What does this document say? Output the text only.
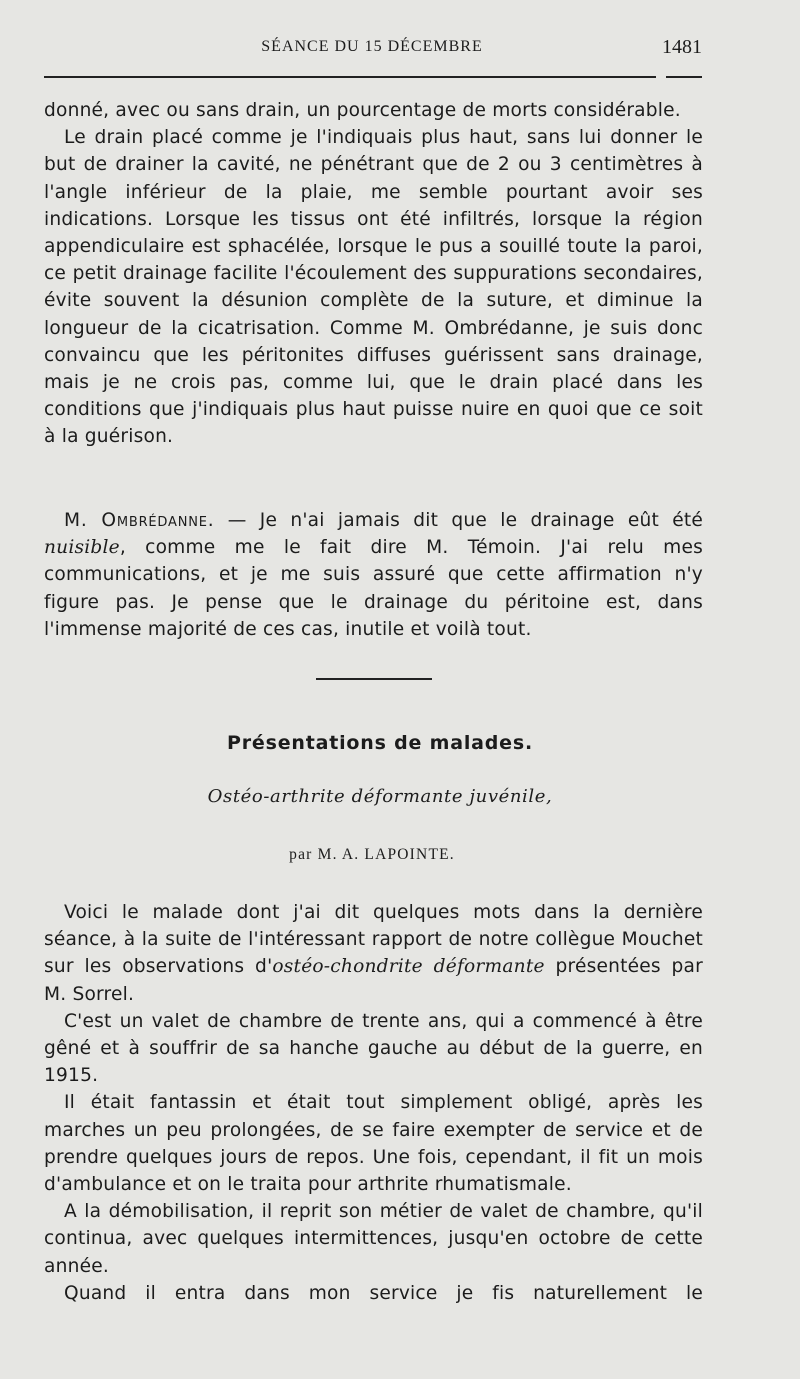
SÉANCE DU 15 DÉCEMBRE	1481

donné, avec ou sans drain, un pourcentage de morts considérable.

Le drain placé comme je l'indiquais plus haut, sans lui donner le but de drainer la cavité, ne pénétrant que de 2 ou 3 centimètres à l'angle inférieur de la plaie, me semble pourtant avoir ses indications. Lorsque les tissus ont été infiltrés, lorsque la région appendiculaire est sphacélée, lorsque le pus a souillé toute la paroi, ce petit drainage facilite l'écoulement des suppurations secondaires, évite souvent la désunion complète de la suture, et diminue la longueur de la cicatrisation. Comme M. Ombrédanne, je suis donc convaincu que les péritonites diffuses guérissent sans drainage, mais je ne crois pas, comme lui, que le drain placé dans les conditions que j'indiquais plus haut puisse nuire en quoi que ce soit à la guérison.

M. Ombrédanne. — Je n'ai jamais dit que le drainage eût été nuisible, comme me le fait dire M. Témoin. J'ai relu mes communications, et je me suis assuré que cette affirmation n'y figure pas. Je pense que le drainage du péritoine est, dans l'immense majorité de ces cas, inutile et voilà tout.

Présentations de malades.
Ostéo-arthrite déformante juvénile,
par M. A. LAPOINTE.

Voici le malade dont j'ai dit quelques mots dans la dernière séance, à la suite de l'intéressant rapport de notre collègue Mouchet sur les observations d'ostéo-chondrite déformante présentées par M. Sorrel.

C'est un valet de chambre de trente ans, qui a commencé à être gêné et à souffrir de sa hanche gauche au début de la guerre, en 1915.

Il était fantassin et était tout simplement obligé, après les marches un peu prolongées, de se faire exempter de service et de prendre quelques jours de repos. Une fois, cependant, il fit un mois d'ambulance et on le traita pour arthrite rhumatismale.

A la démobilisation, il reprit son métier de valet de chambre, qu'il continua, avec quelques intermittences, jusqu'en octobre de cette année.

Quand il entra dans mon service je fis naturellement le
